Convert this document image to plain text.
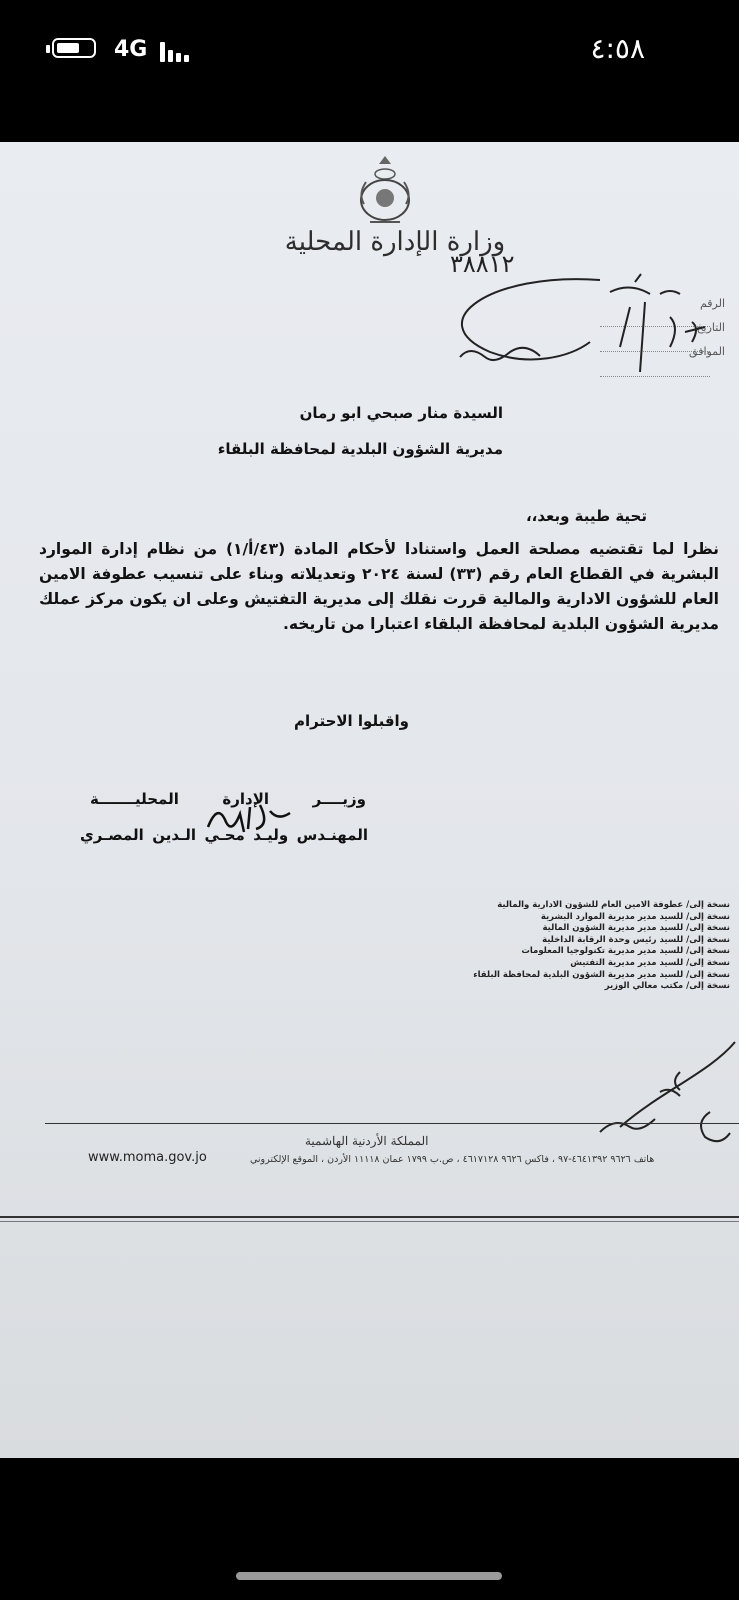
4G	٤:٥٨
وزارة الإدارة المحلية
٣٨٨١٢
الرقم
التاريخ
الموافق
السيدة منار صبحي ابو رمان
مديرية الشؤون البلدية لمحافظة البلقاء
تحية طيبة وبعد،،
نظرا لما تقتضيه مصلحة العمل واستنادا لأحكام المادة (٤٣/أ/١) من نظام إدارة الموارد البشرية في القطاع العام رقم (٣٣) لسنة ٢٠٢٤ وتعديلاته وبناء على تنسيب عطوفة الامين العام للشؤون الادارية والمالية قررت نقلك إلى مديرية التفتيش وعلى ان يكون مركز عملك مديرية الشؤون البلدية لمحافظة البلقاء اعتبارا من تاريخه.
واقبلوا الاحترام
وزيــــر الإدارة المحليـــــــة
المهنـدس وليـد محـي الـدين المصـري
نسخة إلى/ عطوفة الامين العام للشؤون الادارية والمالية
نسخة إلى/ للسيد مدير مديرية الموارد البشرية
نسخة إلى/ للسيد مدير مديرية الشؤون المالية
نسخة إلى/ للسيد رئيس وحدة الرقابة الداخلية
نسخة إلى/ للسيد مدير مديرية تكنولوجيا المعلومات
نسخة إلى/ للسيد مدير مديرية التفتيش
نسخة إلى/ للسيد مدير مديرية الشؤون البلدية لمحافظة البلقاء
نسخة إلى/ مكتب معالي الوزير
المملكة الأردنية الهاشمية
هاتف ٩٦٢٦ ٤٦٤١٣٩٢-٩٧ ، فاكس ٩٦٢٦ ٤٦١٧١٢٨ ، ص.ب ١٧٩٩ عمان ١١١١٨ الأردن ، الموقع الإلكتروني
www.moma.gov.jo
